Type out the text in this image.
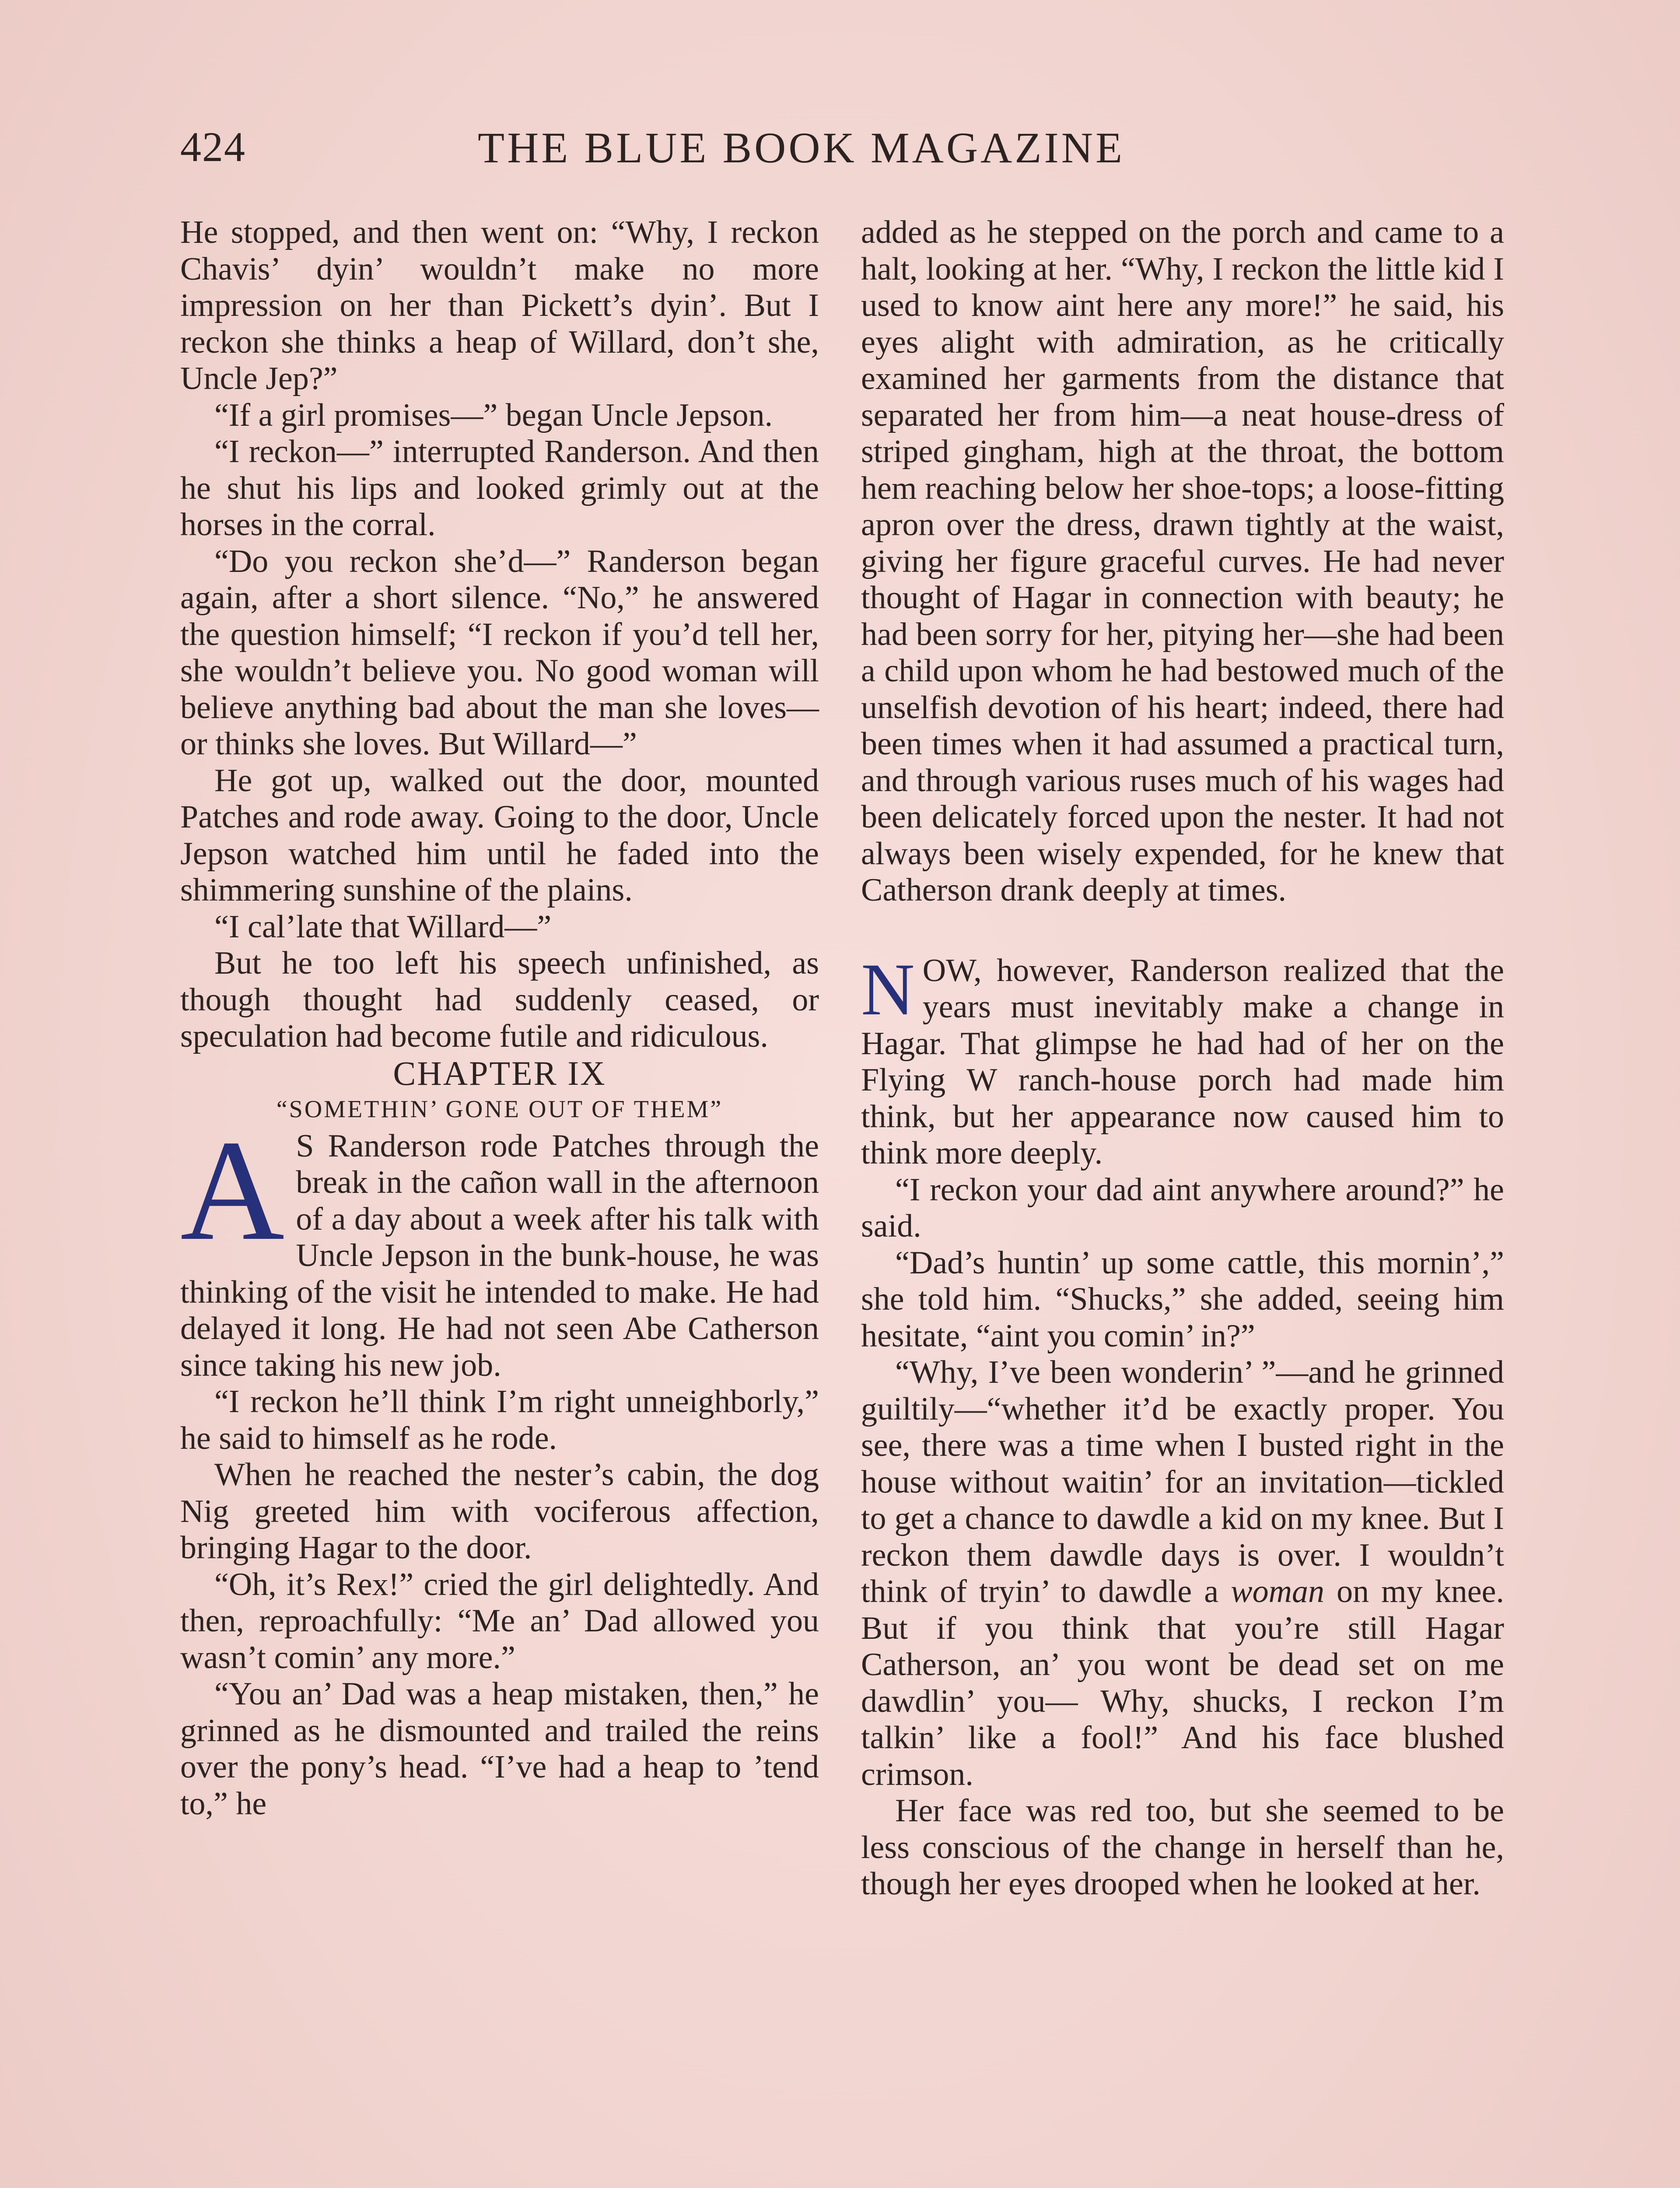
424	THE BLUE BOOK MAGAZINE

He stopped, and then went on: “Why, I reckon Chavis’ dyin’ wouldn’t make no more impression on her than Pickett’s dyin’. But I reckon she thinks a heap of Willard, don’t she, Uncle Jep?”

“If a girl promises—” began Uncle Jepson.

“I reckon—” interrupted Randerson. And then he shut his lips and looked grimly out at the horses in the corral.

“Do you reckon she’d—” Randerson began again, after a short silence. “No,” he answered the question himself; “I reckon if you’d tell her, she wouldn’t believe you. No good woman will believe anything bad about the man she loves—or thinks she loves. But Willard—”

He got up, walked out the door, mounted Patches and rode away. Going to the door, Uncle Jepson watched him until he faded into the shimmering sunshine of the plains.

“I cal’late that Willard—”

But he too left his speech unfinished, as though thought had suddenly ceased, or speculation had become futile and ridiculous.

CHAPTER IX

“SOMETHIN’ GONE OUT OF THEM”

A S Randerson rode Patches through the break in the cañon wall in the afternoon of a day about a week after his talk with Uncle Jepson in the bunk-house, he was thinking of the visit he intended to make. He had delayed it long. He had not seen Abe Catherson since taking his new job.

“I reckon he’ll think I’m right unneighborly,” he said to himself as he rode.

When he reached the nester’s cabin, the dog Nig greeted him with vociferous affection, bringing Hagar to the door.

“Oh, it’s Rex!” cried the girl delightedly. And then, reproachfully: “Me an’ Dad allowed you wasn’t comin’ any more.”

“You an’ Dad was a heap mistaken, then,” he grinned as he dismounted and trailed the reins over the pony’s head. “I’ve had a heap to ’tend to,” he

added as he stepped on the porch and came to a halt, looking at her. “Why, I reckon the little kid I used to know aint here any more!” he said, his eyes alight with admiration, as he critically examined her garments from the distance that separated her from him—a neat house-dress of striped gingham, high at the throat, the bottom hem reaching below her shoe-tops; a loose-fitting apron over the dress, drawn tightly at the waist, giving her figure graceful curves. He had never thought of Hagar in connection with beauty; he had been sorry for her, pitying her—she had been a child upon whom he had bestowed much of the unselfish devotion of his heart; indeed, there had been times when it had assumed a practical turn, and through various ruses much of his wages had been delicately forced upon the nester. It had not always been wisely expended, for he knew that Catherson drank deeply at times.

NOW, however, Randerson realized that the years must inevitably make a change in Hagar. That glimpse he had had of her on the Flying W ranch-house porch had made him think, but her appearance now caused him to think more deeply.

“I reckon your dad aint anywhere around?” he said.

“Dad’s huntin’ up some cattle, this mornin’,” she told him. “Shucks,” she added, seeing him hesitate, “aint you comin’ in?”

“Why, I’ve been wonderin’ ”—and he grinned guiltily—“whether it’d be exactly proper. You see, there was a time when I busted right in the house without waitin’ for an invitation—tickled to get a chance to dawdle a kid on my knee. But I reckon them dawdle days is over. I wouldn’t think of tryin’ to dawdle a woman on my knee. But if you think that you’re still Hagar Catherson, an’ you wont be dead set on me dawdlin’ you— Why, shucks, I reckon I’m talkin’ like a fool!” And his face blushed crimson.

Her face was red too, but she seemed to be less conscious of the change in herself than he, though her eyes drooped when he looked at her.
